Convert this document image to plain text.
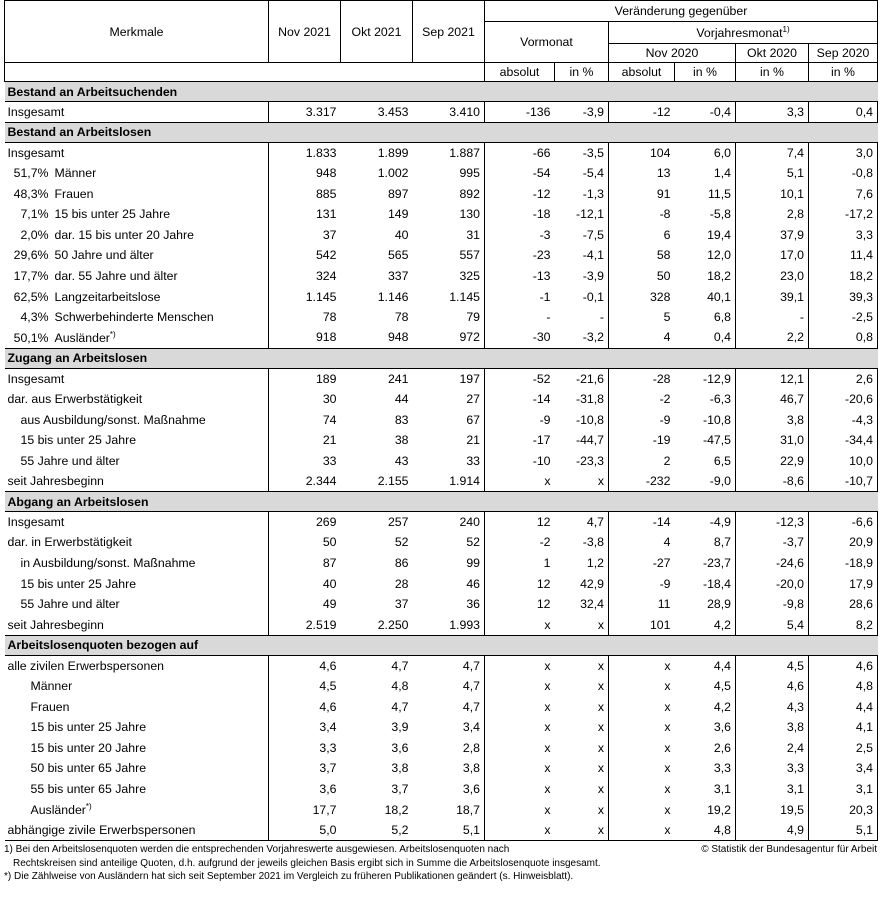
Merkmale	Nov 2021	Okt 2021	Sep 2021	Veränderung gegenüber					
				Vormonat		Vorjahresmonat$^{1)}$
						Nov 2020		Okt 2020	Sep 2020
				absolut	in %	absolut	in %	in %	in %
Bestand an Arbeitsuchenden									
Insgesamt	3.317	3.453	3.410	-136	-3,9	-12	-0,4	3,3	0,4
Bestand an Arbeitslosen									
Insgesamt	1.833	1.899	1.887	-66	-3,5	104	6,0	7,4	3,0
51,7% Männer	948	1.002	995	-54	-5,4	13	1,4	5,1	-0,8
48,3% Frauen	885	897	892	-12	-1,3	91	11,5	10,1	7,6
7,1% 15 bis unter 25 Jahre	131	149	130	-18	-12,1	-8	-5,8	2,8	-17,2
2,0% dar. 15 bis unter 20 Jahre	37	40	31	-3	-7,5	6	19,4	37,9	3,3
29,6% 50 Jahre und älter	542	565	557	-23	-4,1	58	12,0	17,0	11,4
17,7% dar. 55 Jahre und älter	324	337	325	-13	-3,9	50	18,2	23,0	18,2
62,5% Langzeitarbeitslose	1.145	1.146	1.145	-1	-0,1	328	40,1	39,1	39,3
4,3% Schwerbehinderte Menschen	78	78	79	-	-	5	6,8	-	-2,5
50,1% Ausländer*)	918	948	972	-30	-3,2	4	0,4	2,2	0,8
Zugang an Arbeitslosen									
Insgesamt	189	241	197	-52	-21,6	-28	-12,9	12,1	2,6
dar. aus Erwerbstätigkeit	30	44	27	-14	-31,8	-2	-6,3	46,7	-20,6
aus Ausbildung/sonst. Maßnahme	74	83	67	-9	-10,8	-9	-10,8	3,8	-4,3
15 bis unter 25 Jahre	21	38	21	-17	-44,7	-19	-47,5	31,0	-34,4
55 Jahre und älter	33	43	33	-10	-23,3	2	6,5	22,9	10,0
seit Jahresbeginn	2.344	2.155	1.914	x	x	-232	-9,0	-8,6	-10,7
Abgang an Arbeitslosen									
Insgesamt	269	257	240	12	4,7	-14	-4,9	-12,3	-6,6
dar. in Erwerbstätigkeit	50	52	52	-2	-3,8	4	8,7	-3,7	20,9
in Ausbildung/sonst. Maßnahme	87	86	99	1	1,2	-27	-23,7	-24,6	-18,9
15 bis unter 25 Jahre	40	28	46	12	42,9	-9	-18,4	-20,0	17,9
55 Jahre und älter	49	37	36	12	32,4	11	28,9	-9,8	28,6
seit Jahresbeginn	2.519	2.250	1.993	x	x	101	4,2	5,4	8,2
Arbeitslosenquoten bezogen auf									
alle zivilen Erwerbspersonen	4,6	4,7	4,7	x	x	x	4,4	4,5	4,6
Männer	4,5	4,8	4,7	x	x	x	4,5	4,6	4,8
Frauen	4,6	4,7	4,7	x	x	x	4,2	4,3	4,4
15 bis unter 25 Jahre	3,4	3,9	3,4	x	x	x	3,6	3,8	4,1
15 bis unter 20 Jahre	3,3	3,6	2,8	x	x	x	2,6	2,4	2,5
50 bis unter 65 Jahre	3,7	3,8	3,8	x	x	x	3,3	3,3	3,4
55 bis unter 65 Jahre	3,6	3,7	3,6	x	x	x	3,1	3,1	3,1
Ausländer*)	17,7	18,2	18,7	x	x	x	19,2	19,5	20,3
abhängige zivile Erwerbspersonen	5,0	5,2	5,1	x	x	x	4,8	4,9	5,1
1) Bei den Arbeitslosenquoten werden die entsprechenden Vorjahreswerte ausgewiesen. Arbeitslosenquoten nach	© Statistik der Bundesagentur für Arbeit
Rechtskreisen sind anteilige Quoten, d.h. aufgrund der jeweils gleichen Basis ergibt sich in Summe die Arbeitslosenquote insgesamt.
*) Die Zählweise von Ausländern hat sich seit September 2021 im Vergleich zu früheren Publikationen geändert (s. Hinweisblatt).
